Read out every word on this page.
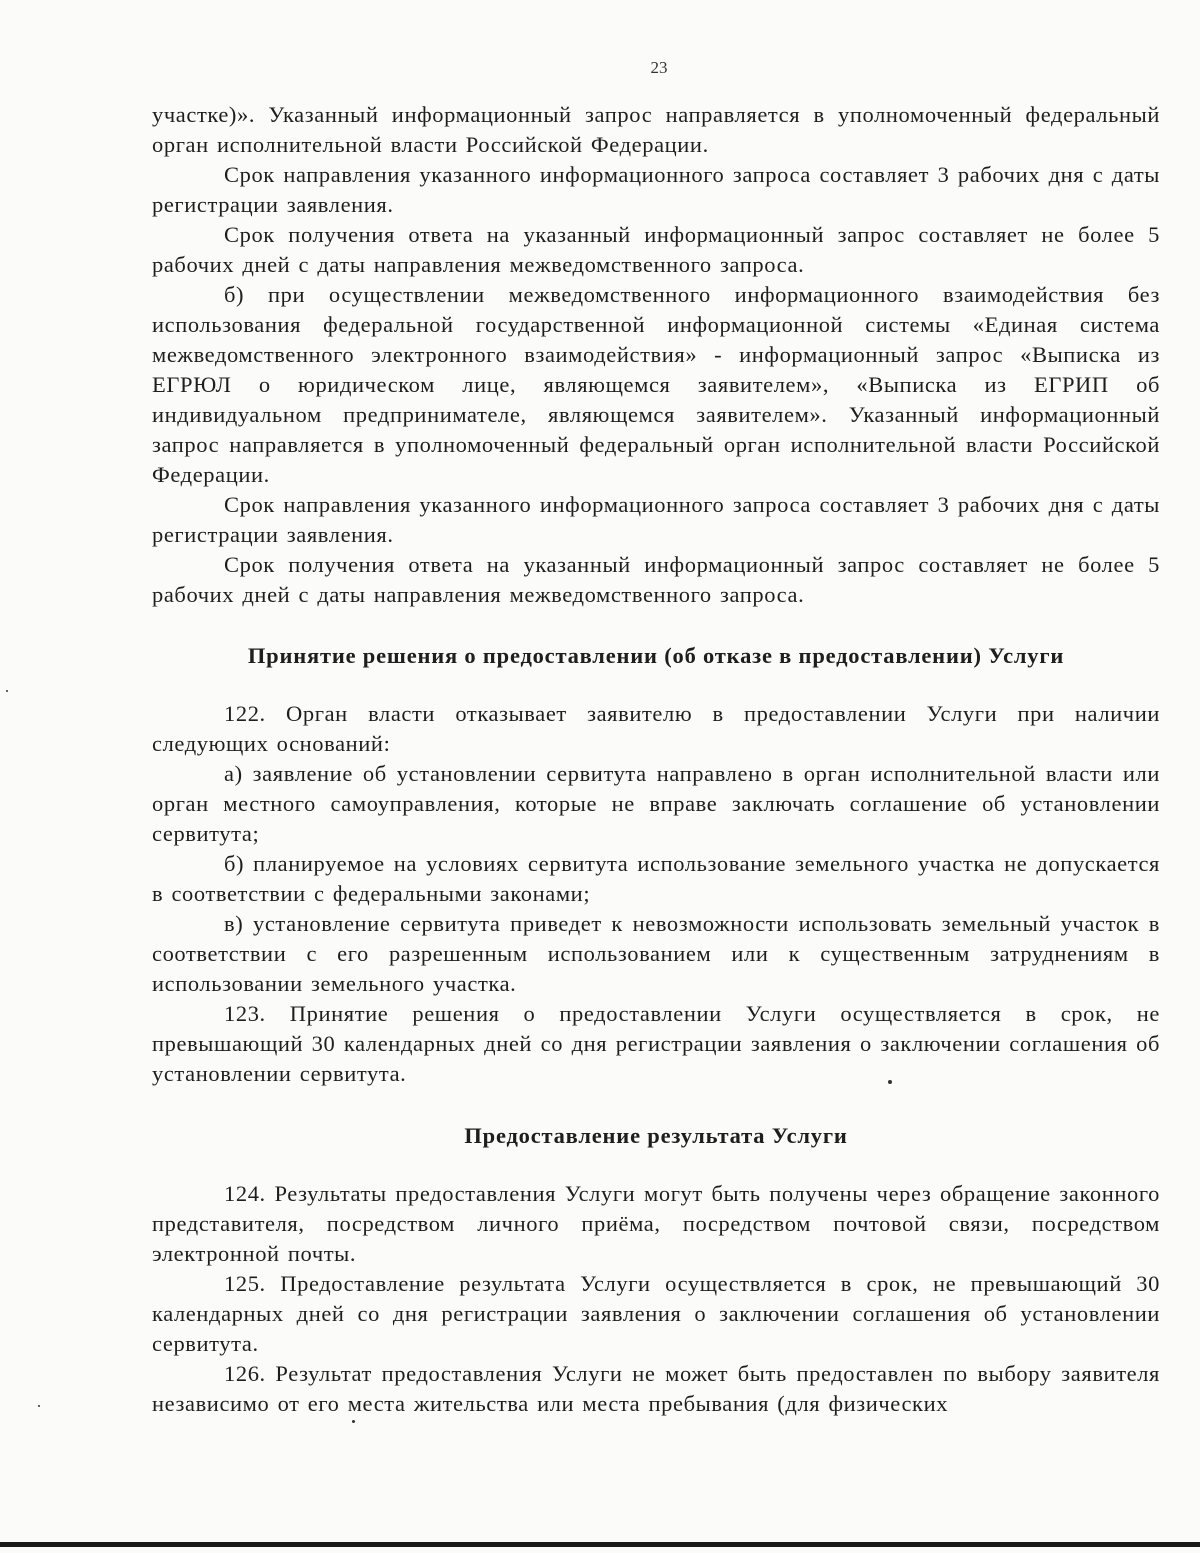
23

участке)». Указанный информационный запрос направляется в уполномоченный федеральный орган исполнительной власти Российской Федерации.

Срок направления указанного информационного запроса составляет 3 рабочих дня с даты регистрации заявления.

Срок получения ответа на указанный информационный запрос составляет не более 5 рабочих дней с даты направления межведомственного запроса.

б) при осуществлении межведомственного информационного взаимодействия без использования федеральной государственной информационной системы «Единая система межведомственного электронного взаимодействия» - информационный запрос «Выписка из ЕГРЮЛ о юридическом лице, являющемся заявителем», «Выписка из ЕГРИП об индивидуальном предпринимателе, являющемся заявителем». Указанный информационный запрос направляется в уполномоченный федеральный орган исполнительной власти Российской Федерации.

Срок направления указанного информационного запроса составляет 3 рабочих дня с даты регистрации заявления.

Срок получения ответа на указанный информационный запрос составляет не более 5 рабочих дней с даты направления межведомственного запроса.

Принятие решения о предоставлении (об отказе в предоставлении) Услуги

122. Орган власти отказывает заявителю в предоставлении Услуги при наличии следующих оснований:

а) заявление об установлении сервитута направлено в орган исполнительной власти или орган местного самоуправления, которые не вправе заключать соглашение об установлении сервитута;

б) планируемое на условиях сервитута использование земельного участка не допускается в соответствии с федеральными законами;

в) установление сервитута приведет к невозможности использовать земельный участок в соответствии с его разрешенным использованием или к существенным затруднениям в использовании земельного участка.

123. Принятие решения о предоставлении Услуги осуществляется в срок, не превышающий 30 календарных дней со дня регистрации заявления о заключении соглашения об установлении сервитута.

Предоставление результата Услуги

124. Результаты предоставления Услуги могут быть получены через обращение законного представителя, посредством личного приёма, посредством почтовой связи, посредством электронной почты.

125. Предоставление результата Услуги осуществляется в срок, не превышающий 30 календарных дней со дня регистрации заявления о заключении соглашения об установлении сервитута.

126. Результат предоставления Услуги не может быть предоставлен по выбору заявителя независимо от его места жительства или места пребывания (для физических
